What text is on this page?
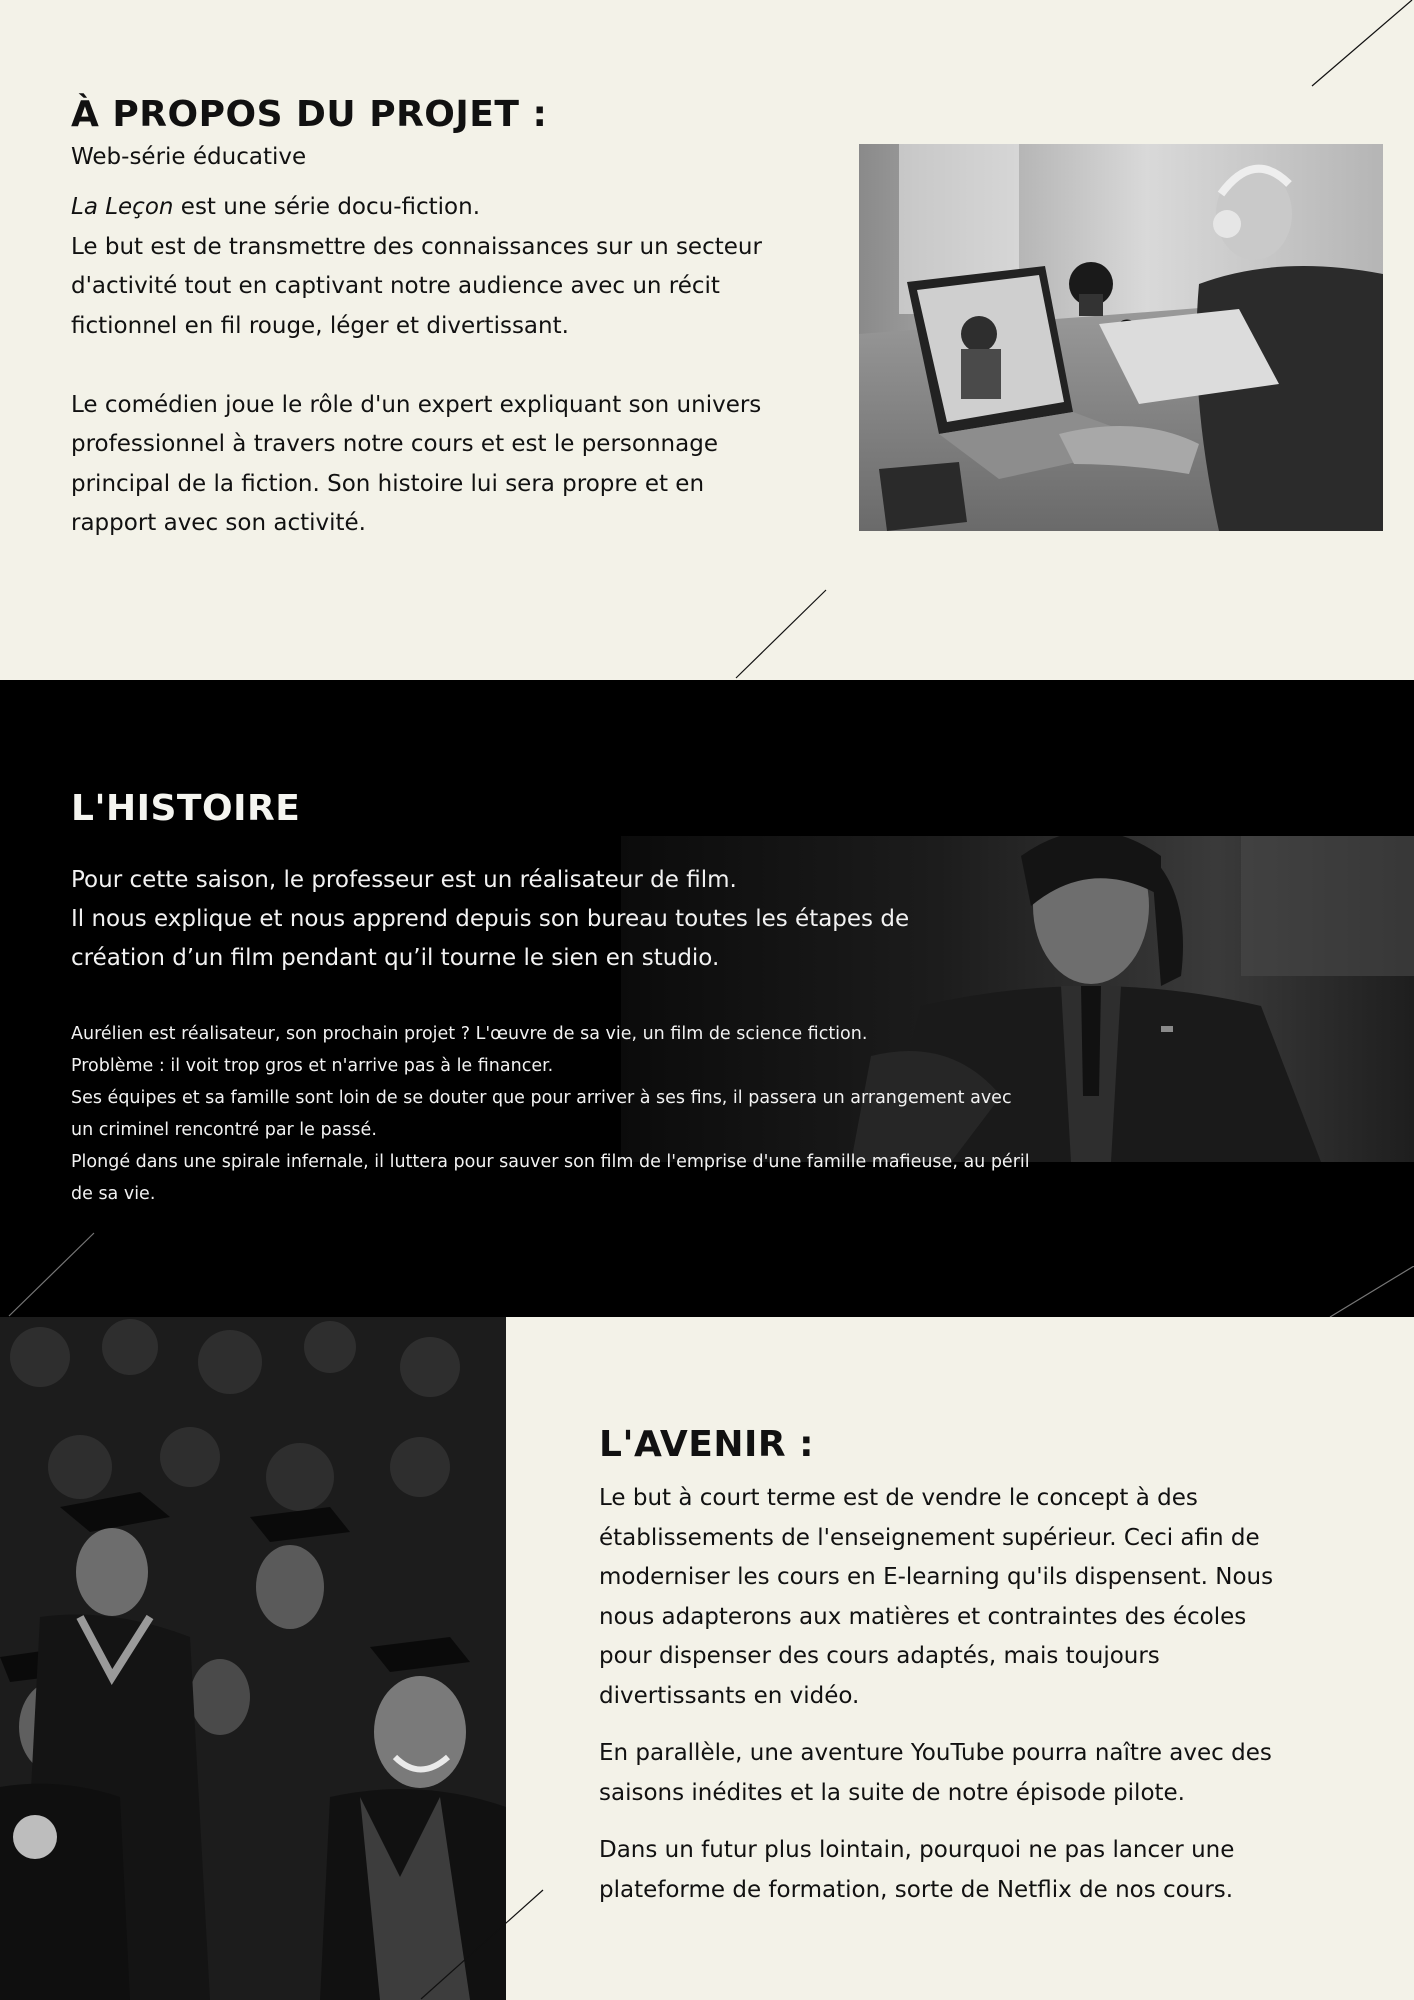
À PROPOS DU PROJET :
Web-série éducative

La Leçon est une série docu-fiction.

Le but est de transmettre des connaissances sur un secteur d'activité tout en captivant notre audience avec un récit fictionnel en fil rouge, léger et divertissant.

Le comédien joue le rôle d'un expert expliquant son univers professionnel à travers notre cours et est le personnage principal de la fiction. Son histoire lui sera propre et en rapport avec son activité.

L'HISTOIRE

Pour cette saison, le professeur est un réalisateur de film.

Il nous explique et nous apprend depuis son bureau toutes les étapes de création d’un film pendant qu’il tourne le sien en studio.

Aurélien est réalisateur, son prochain projet ? L'œuvre de sa vie, un film de science fiction.

Problème : il voit trop gros et n'arrive pas à le financer.

Ses équipes et sa famille sont loin de se douter que pour arriver à ses fins, il passera un arrangement avec un criminel rencontré par le passé.

Plongé dans une spirale infernale, il luttera pour sauver son film de l'emprise d'une famille mafieuse, au péril de sa vie.

L'AVENIR :

Le but à court terme est de vendre le concept à des établissements de l'enseignement supérieur. Ceci afin de moderniser les cours en E-learning qu'ils dispensent. Nous nous adapterons aux matières et contraintes des écoles pour dispenser des cours adaptés, mais toujours divertissants en vidéo.

En parallèle, une aventure YouTube pourra naître avec des saisons inédites et la suite de notre épisode pilote.

Dans un futur plus lointain, pourquoi ne pas lancer une plateforme de formation, sorte de Netflix de nos cours.
